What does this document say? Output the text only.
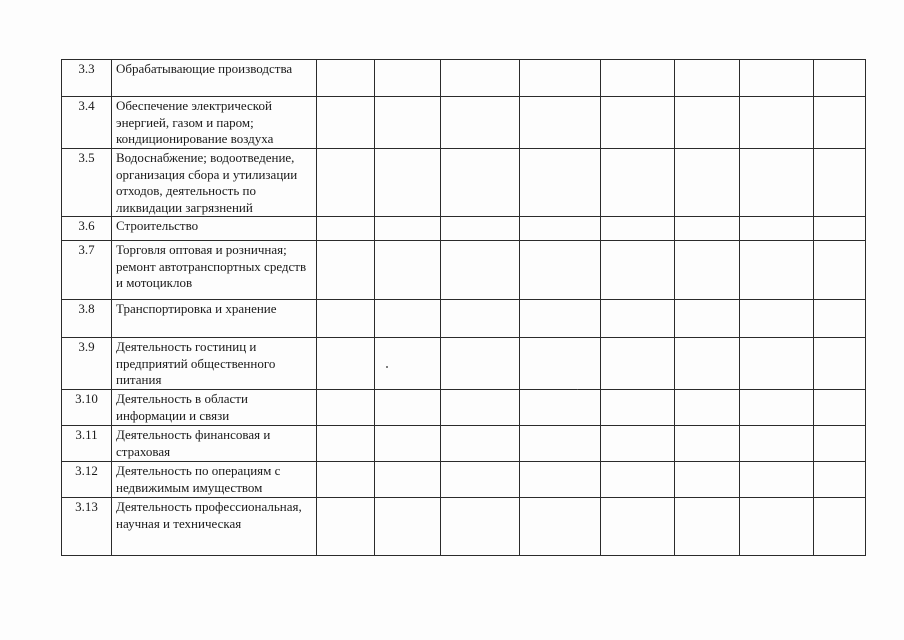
3.3	Обрабатывающие производства								
3.4	Обеспечение электрической энергией, газом и паром; кондиционирование воздуха								
3.5	Водоснабжение; водоотведение, организация сбора и утилизации отходов, деятельность по ликвидации загрязнений								
3.6	Строительство								
3.7	Торговля оптовая и розничная; ремонт автотранспортных средств и мотоциклов								
3.8	Транспортировка и хранение								
3.9	Деятельность гостиниц и предприятий общественного питания								
3.10	Деятельность в области информации и связи								
3.11	Деятельность финансовая и страховая								
3.12	Деятельность по операциям с недвижимым имуществом								
3.13	Деятельность профессиональная, научная и техническая								
